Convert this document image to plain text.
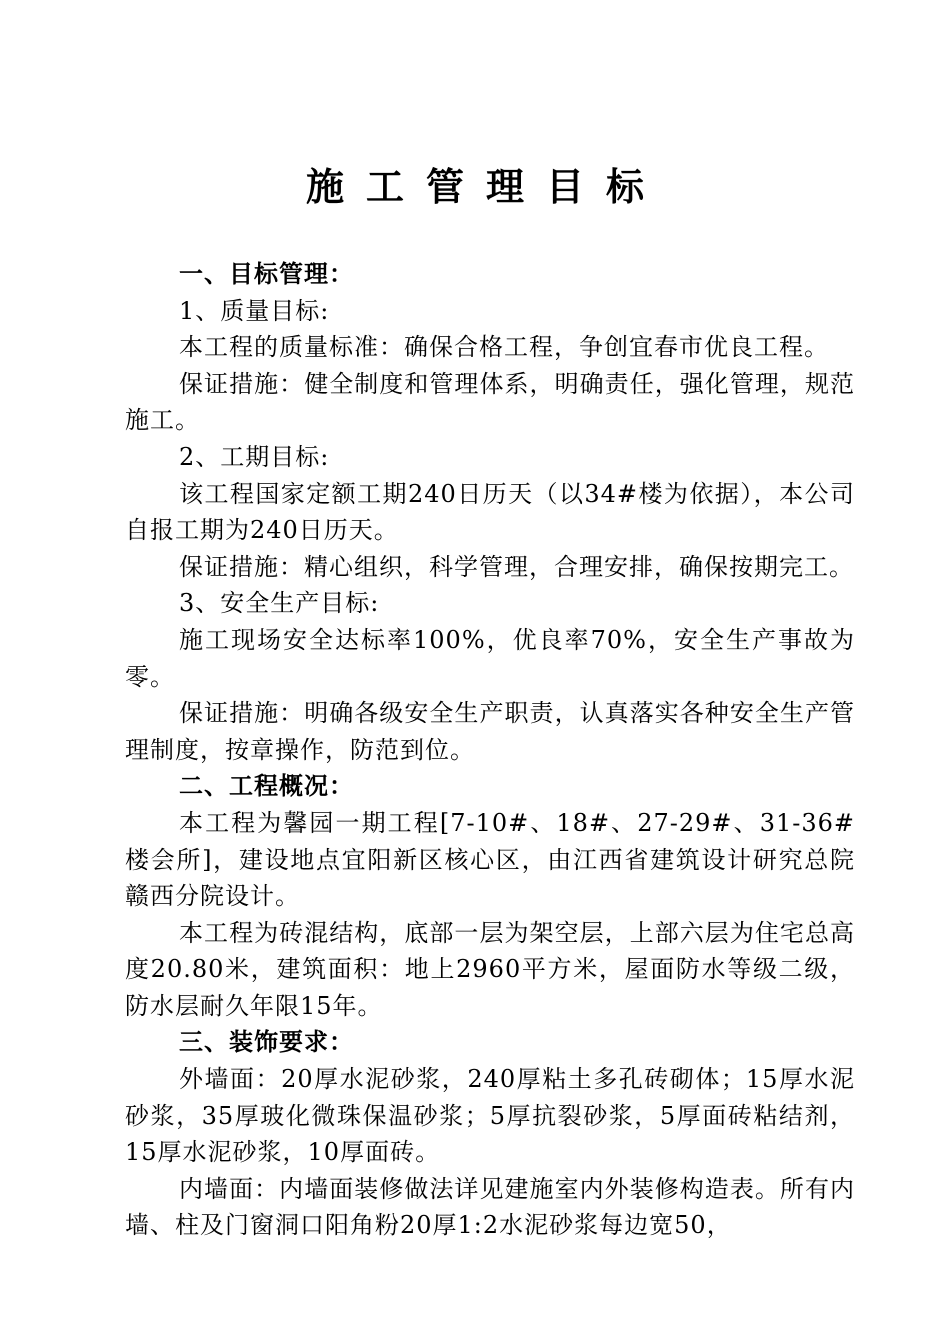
施工管理目标

一、目标管理：

1、质量目标:

本工程的质量标准：确保合格工程，争创宜春市优良工程。

保证措施：健全制度和管理体系，明确责任，强化管理，规范施工。

2、工期目标:

该工程国家定额工期240日历天（以34#楼为依据），本公司自报工期为240日历天。

保证措施：精心组织，科学管理，合理安排，确保按期完工。

3、安全生产目标:

施工现场安全达标率100%，优良率70%，安全生产事故为零。

保证措施：明确各级安全生产职责，认真落实各种安全生产管理制度，按章操作，防范到位。

二、工程概况：

本工程为馨园一期工程[7-10#、18#、27-29#、31-36#楼会所]，建设地点宜阳新区核心区，由江西省建筑设计研究总院赣西分院设计。

本工程为砖混结构，底部一层为架空层，上部六层为住宅总高度20.80米，建筑面积：地上2960平方米，屋面防水等级二级，防水层耐久年限15年。

三、装饰要求：

外墙面：20厚水泥砂浆，240厚粘土多孔砖砌体；15厚水泥砂浆，35厚玻化微珠保温砂浆；5厚抗裂砂浆，5厚面砖粘结剂，15厚水泥砂浆，10厚面砖。

内墙面：内墙面装修做法详见建施室内外装修构造表。所有内墙、柱及门窗洞口阳角粉20厚1:2水泥砂浆每边宽50，
